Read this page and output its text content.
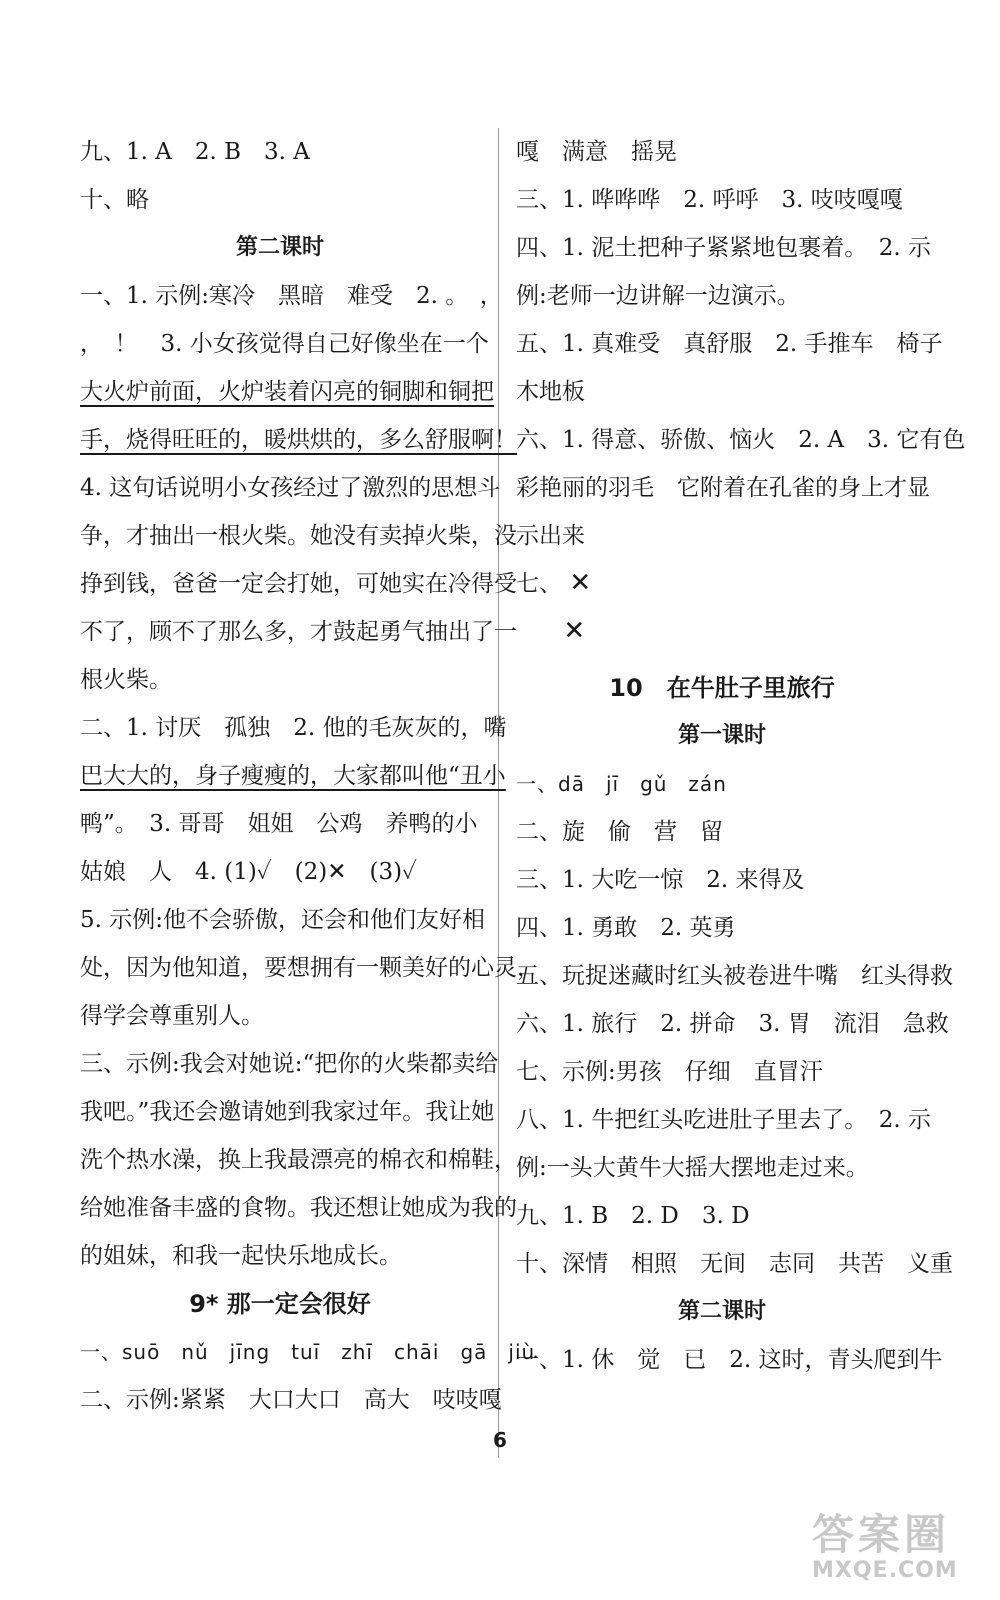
九、1. A　2. B　3. A
十、略
第二课时
一、1. 示例:寒冷　黑暗　难受　2. 。　，
，　！　3. 小女孩觉得自己好像坐在一个
大火炉前面，火炉装着闪亮的铜脚和铜把
手，烧得旺旺的，暖烘烘的，多么舒服啊！
4. 这句话说明小女孩经过了激烈的思想斗
争，才抽出一根火柴。她没有卖掉火柴，没
挣到钱，爸爸一定会打她，可她实在冷得受
不了，顾不了那么多，才鼓起勇气抽出了一
根火柴。
二、1. 讨厌　孤独　2. 他的毛灰灰的，嘴
巴大大的，身子瘦瘦的，大家都叫他“丑小
鸭”。　3. 哥哥　姐姐　公鸡　养鸭的小
姑娘　人　4. (1)✓　(2)✕　(3)✓
5. 示例:他不会骄傲，还会和他们友好相
处，因为他知道，要想拥有一颗美好的心灵，
得学会尊重别人。
三、示例:我会对她说:“把你的火柴都卖给
我吧。”我还会邀请她到我家过年。我让她
洗个热水澡，换上我最漂亮的棉衣和棉鞋，
给她准备丰盛的食物。我还想让她成为我的
的姐妹，和我一起快乐地成长。
9* 那一定会很好
一、suō　nǔ　jīng　tuī　zhī　chāi　gā　jiù
二、示例:紧紧　大口大口　高大　吱吱嘎
嘎　满意　摇晃
三、1. 哗哗哗　2. 呼呼　3. 吱吱嘎嘎
四、1. 泥土把种子紧紧地包裹着。　2. 示
例:老师一边讲解一边演示。
五、1. 真难受　真舒服　2. 手推车　椅子
木地板
六、1. 得意、骄傲、恼火　2. A　3. 它有色
彩艳丽的羽毛　它附着在孔雀的身上才显
示出来
七、 ✕
✕
10　在牛肚子里旅行
第一课时
一、dā　jī　gǔ　zán
二、旋　偷　营　留
三、1. 大吃一惊　2. 来得及
四、1. 勇敢　2. 英勇
五、玩捉迷藏时红头被卷进牛嘴　红头得救
六、1. 旅行　2. 拼命　3. 胃　流泪　急救
七、示例:男孩　仔细　直冒汗
八、1. 牛把红头吃进肚子里去了。　2. 示
例:一头大黄牛大摇大摆地走过来。
九、1. B　2. D　3. D
十、深情　相照　无间　志同　共苦　义重
第二课时
一、1. 休　觉　已　2. 这时，青头爬到牛
6
答案圈
MXQE.COM
